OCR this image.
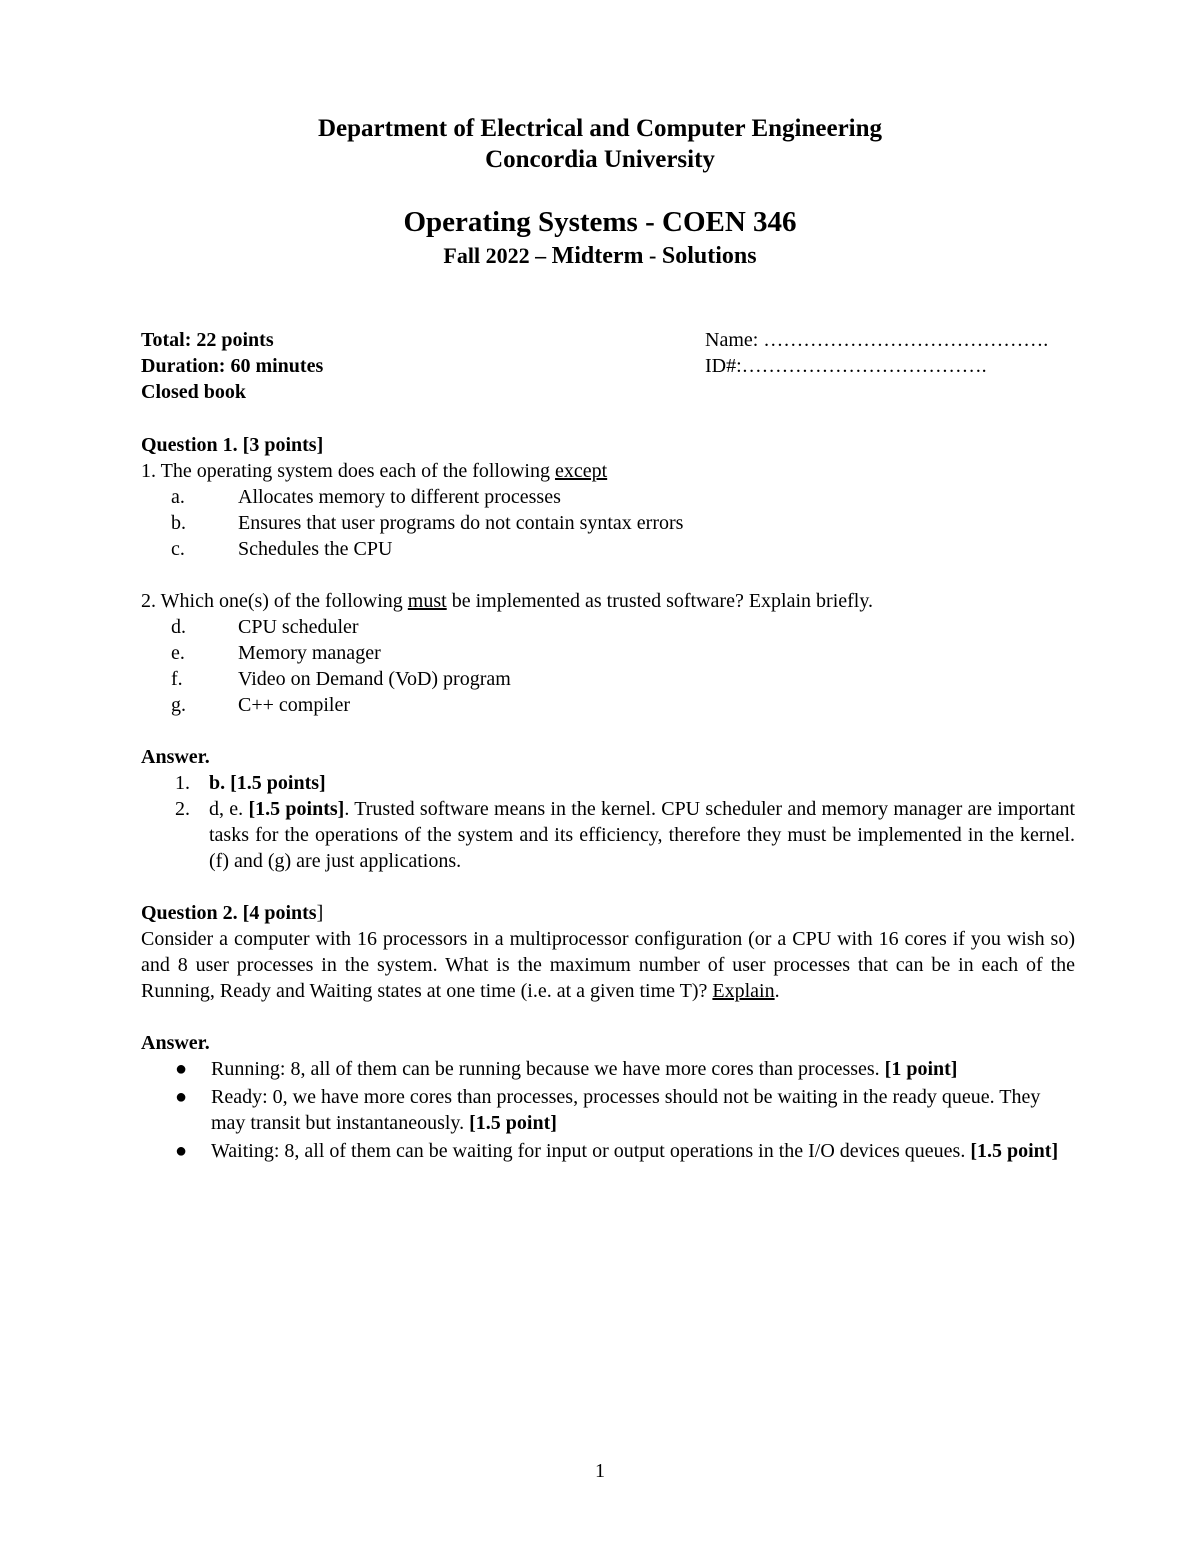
Department of Electrical and Computer Engineering
Concordia University
Operating Systems - COEN 346
Fall 2022 – Midterm - Solutions
Total: 22 points
Duration: 60 minutes
Closed book
Name: …………………………………….
ID#:……………………………….
Question 1. [3 points]
1. The operating system does each of the following except
a.	Allocates memory to different processes
b.	Ensures that user programs do not contain syntax errors
c.	Schedules the CPU
2. Which one(s) of the following must be implemented as trusted software? Explain briefly.
d.	CPU scheduler
e.	Memory manager
f.	Video on Demand (VoD) program
g.	C++ compiler
Answer.
1. b. [1.5 points]
2. d, e. [1.5 points]. Trusted software means in the kernel. CPU scheduler and memory manager are important tasks for the operations of the system and its efficiency, therefore they must be implemented in the kernel. (f) and (g) are just applications.
Question 2. [4 points]
Consider a computer with 16 processors in a multiprocessor configuration (or a CPU with 16 cores if you wish so) and 8 user processes in the system. What is the maximum number of user processes that can be in each of the Running, Ready and Waiting states at one time (i.e. at a given time T)? Explain.
Answer.
●	Running: 8, all of them can be running because we have more cores than processes. [1 point]
●	Ready: 0, we have more cores than processes, processes should not be waiting in the ready queue. They may transit but instantaneously. [1.5 point]
●	Waiting: 8, all of them can be waiting for input or output operations in the I/O devices queues. [1.5 point]
1
